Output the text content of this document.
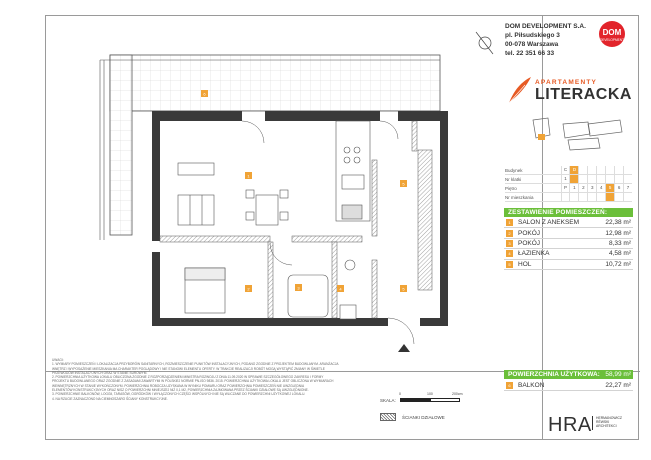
6
1
5
3
2	4	5
DOM DEVELOPMENT S.A.
pl. Piłsudskiego 3
00-078 Warszawa
tel. 22 351 66 33
DOM
DEVELOPMENT
APARTAMENTY
LITERACKA
Budynek	C	D
Nr klatki	1
Piętro	P	1	2	3	4	5	6	7
Nr mieszkania
ZESTAWIENIE POMIESZCZEŃ:
1	SALON Z ANEKSEM	22,38 m²
2	POKÓJ	12,98 m²
3	POKÓJ	8,33 m²
4	ŁAZIENKA	4,58 m²
5	HOL	10,72 m²
POWIERZCHNIA UŻYTKOWA: 58,99 m²
6	BALKON	22,27 m²
UWAGI:
1. WYMIARY POMIESZCZEŃ I LOKALIZACJA PRZYBORÓW SANITARNYCH, ROZMIESZCZENIE PUNKTÓW INSTALACYJNYCH, PODANO ZGODNIE Z PROJEKTEM BUDOWLANYM. ARANŻACJA
WNĘTRZ I WYPOSAŻENIE MIESZKANIA MA CHARAKTER POGLĄDOWY I NIE STANOWI ELEMENTU OFERTY. W TRAKCIE REALIZACJI ROBÓT MOGĄ WYSTĄPIĆ ZMIANY W ŚWIETLE
PRZEWODÓW INSTALACYJNYCH ORAZ W STANIE SUROWYM.
2. POWIERZCHNIA UŻYTKOWA LOKALU OBLICZONA ZGODNIE Z ROZPORZĄDZENIEM MINISTRA ROZWOJU Z DNIA 11.09.2020 W SPRAWIE SZCZEGÓŁOWEGO ZAKRESU I FORMY
PROJEKTU BUDOWLANEGO ORAZ ZGODNIE Z ZASADAMI ZAWARTYMI W POLSKIEJ NORMIE PN-ISO 9836. 2015. POWIERZCHNIA UŻYTKOWA LOKALU JEST OBLICZONA W WYMIARACH
WEWNĘTRZNYCH W STANIE WYKOŃCZONYM. POWIERZCHNIA ROBOCZA UZYSKANA W WYNIKU POMIARU ORAZ POWIERZCHNIA POMIESZCZEŃ NIE UWZGLĘDNIA
ELEMENTÓW KONSTRUKCYJNYCH ORAZ NISZ O POWIERZCHNI MNIEJSZEJ NIŻ 0,1 M2. POWIERZCHNIA ZAJMOWANA PRZEZ ŚCIANKI DZIAŁOWE SĄ UWZGLĘDNIONE.
3. POWIERZCHNIE BALKONÓW, LOGGII, TARASÓW, OGRÓDKÓW I WYŁĄCZONYCH CZĘŚCI WSPÓLNYCH NIE SĄ WLICZANE DO POWIERZCHNI UŻYTKOWEJ LOKALU.
4. NA RZUCIE ZAZNACZONO NA CIEMNOSZARO ŚCIANY KONSTRUKCYJNE.	SKALA:
0	100	200cm
ŚCIANKI DZIAŁOWE	HRA HERMANOWICZ
RÉWSKI
ARCHITEKCI
